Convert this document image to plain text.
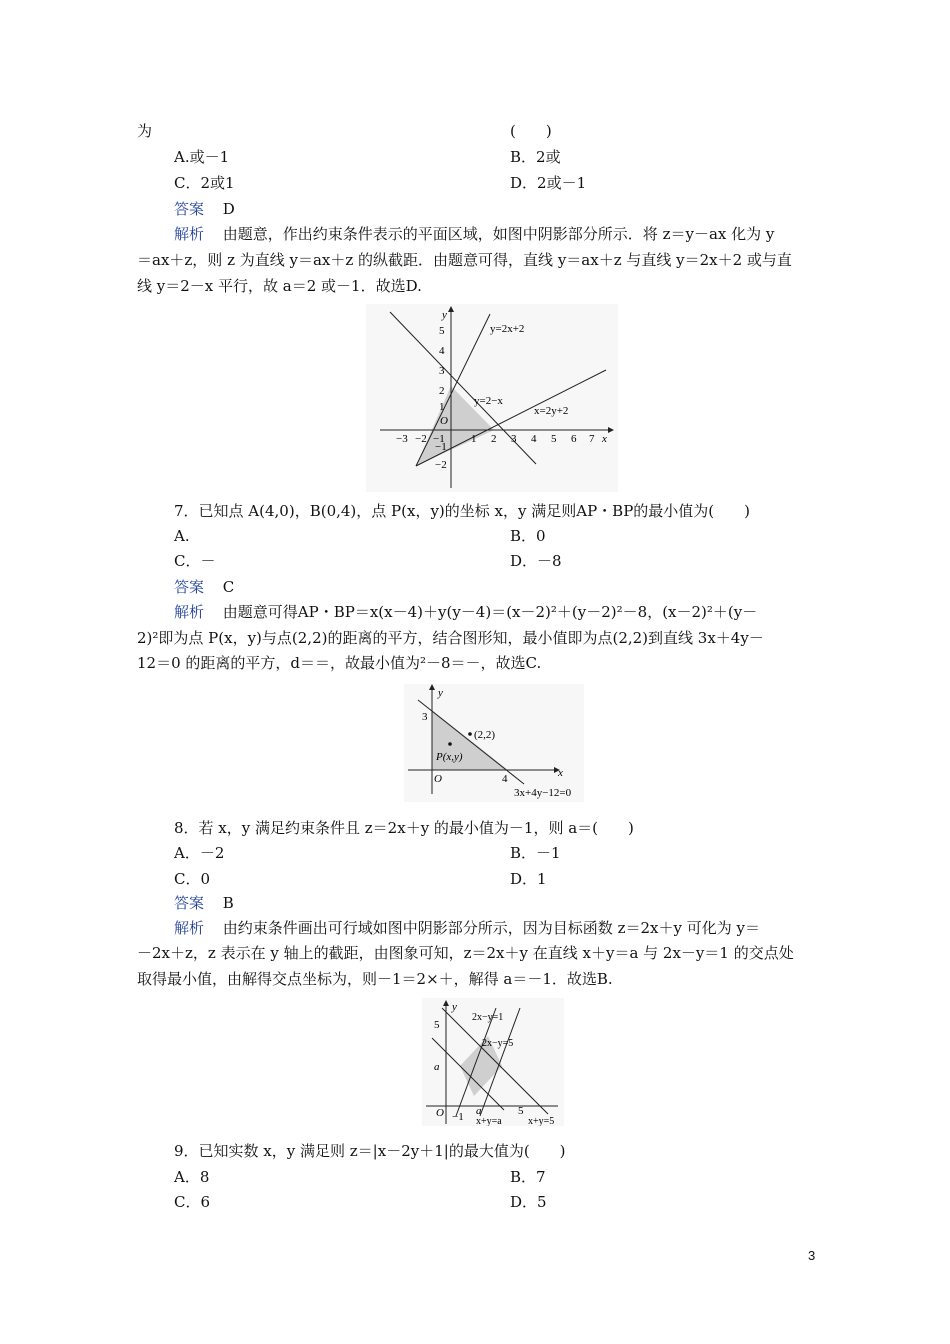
为	(　　)
A.或－1	B．2或
C．2或1	D．2或－1
答案 D
解析 由题意，作出约束条件表示的平面区域，如图中阴影部分所示．将 z＝y－ax 化为 y
＝ax＋z，则 z 为直线 y＝ax＋z 的纵截距．由题意可得，直线 y＝ax＋z 与直线 y＝2x＋2 或与直
线 y＝2－x 平行，故 a＝2 或－1．故选D.
−3 −2 −1 1 2 3 4 5 6 7 x
5
4
3
2
1
−1
−2
O
y
y=2x+2
y=2−x
x=2y+2
7．已知点 A(4,0)，B(0,4)，点 P(x，y)的坐标 x，y 满足则AP・BP的最小值为(　　)
A.	B．0
C．－	D．－8
答案 C
解析 由题意可得AP・BP＝x(x－4)＋y(y－4)＝(x－2)²＋(y－2)²－8，(x－2)²＋(y－
2)²即为点 P(x，y)与点(2,2)的距离的平方，结合图形知，最小值即为点(2,2)到直线 3x＋4y－
12＝0 的距离的平方，d＝＝，故最小值为²－8＝－，故选C.
y
x
3
4
O
(2,2)
P(x,y)
3x+4y−12=0
8．若 x，y 满足约束条件且 z＝2x＋y 的最小值为－1，则 a＝(　　)
A．－2	B．－1
C．0	D．1
答案 B
解析 由约束条件画出可行域如图中阴影部分所示，因为目标函数 z＝2x＋y 可化为 y＝
－2x＋z，z 表示在 y 轴上的截距，由图象可知，z＝2x＋y 在直线 x＋y＝a 与 2x－y＝1 的交点处
取得最小值，由解得交点坐标为，则－1＝2×＋，解得 a＝－1．故选B.
y
5
a
O −1 a	5
2x−y=1
2x−y=5
x+y=a	x+y=5
9．已知实数 x，y 满足则 z＝|x－2y＋1|的最大值为(　　)
A．8	B．7
C．6	D．5
3
